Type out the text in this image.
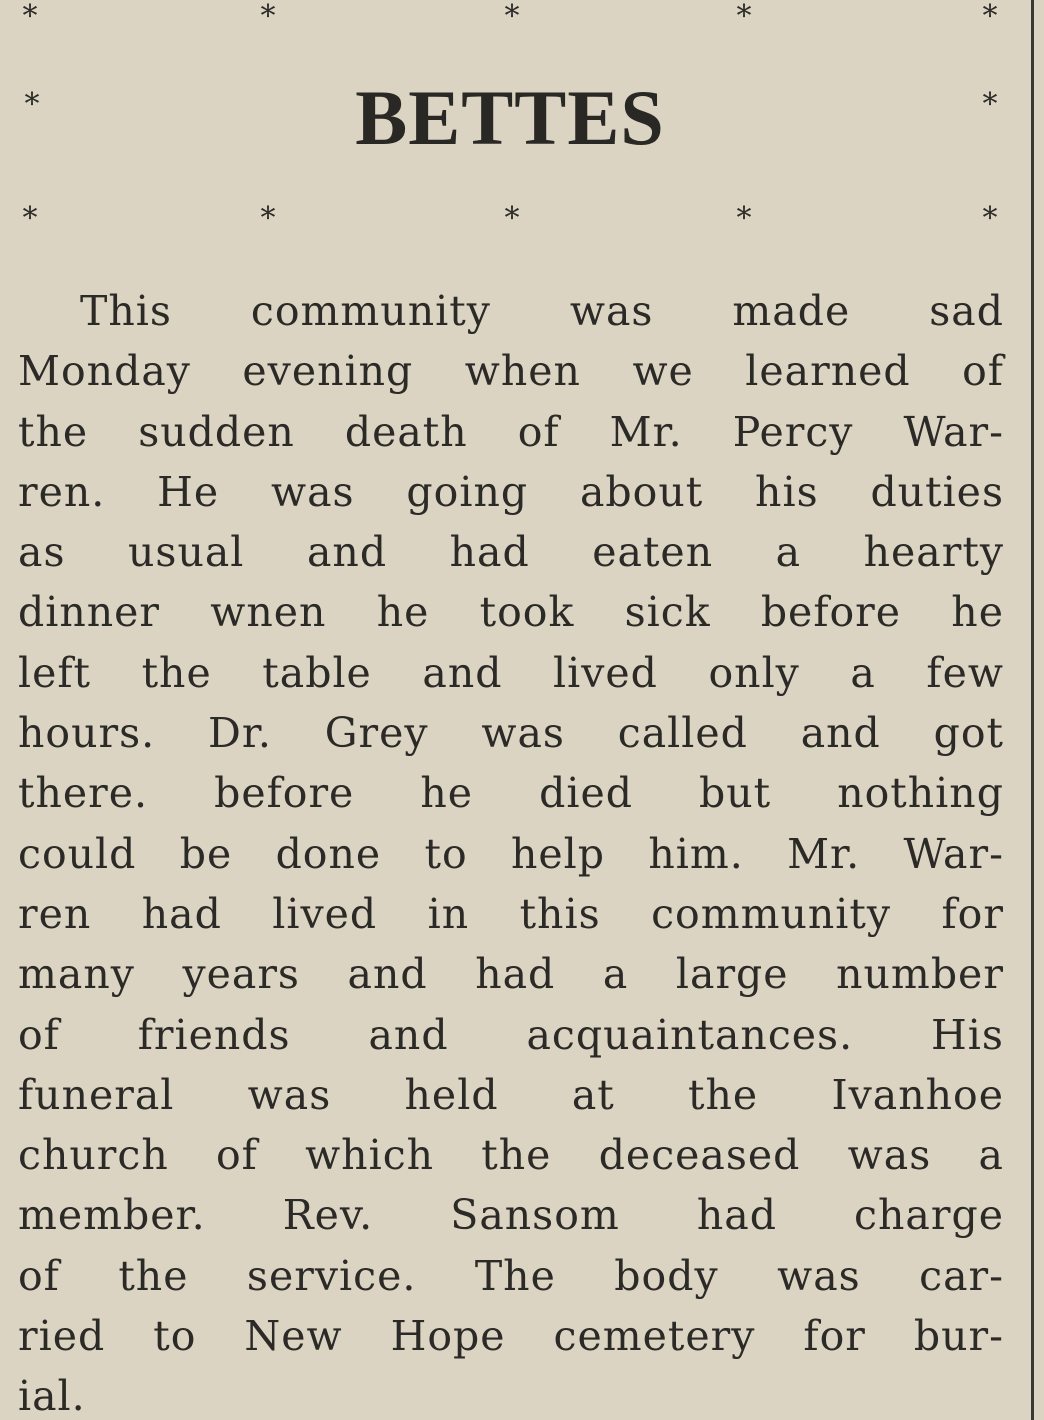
*	*	*	*	*
*	*
BETTES
*	*	*	*	*
This community was made sad
Monday evening when we learned of
the sudden death of Mr. Percy War-
ren. He was going about his duties
as usual and had eaten a hearty
dinner wnen he took sick before he
left the table and lived only a few
hours. Dr. Grey was called and got
there. before he died but nothing
could be done to help him. Mr. War-
ren had lived in this community for
many years and had a large number
of friends and acquaintances. His
funeral was held at the Ivanhoe
church of which the deceased was a
member. Rev. Sansom had charge
of the service. The body was car-
ried to New Hope cemetery for bur-
ial.
